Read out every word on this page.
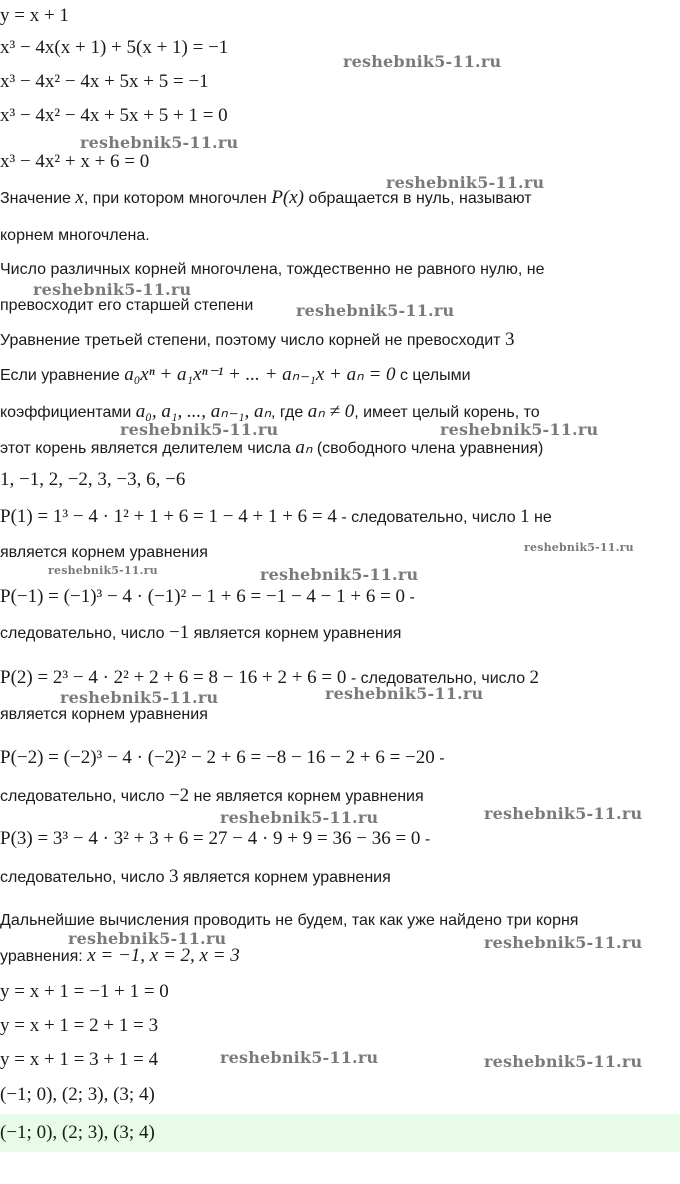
y = x + 1
x³ − 4x(x + 1) + 5(x + 1) = −1
x³ − 4x² − 4x + 5x + 5 = −1
x³ − 4x² − 4x + 5x + 5 + 1 = 0
x³ − 4x² + x + 6 = 0
Значение x, при котором многочлен P(x) обращается в нуль, называют
корнем многочлена.
Число различных корней многочлена, тождественно не равного нулю, не
превосходит его старшей степени
Уравнение третьей степени, поэтому число корней не превосходит 3
Если уравнение a₀xⁿ + a₁xⁿ⁻¹ + ... + aₙ₋₁x + aₙ = 0 с целыми
коэффициентами a₀, a₁, ..., aₙ₋₁, aₙ, где aₙ ≠ 0, имеет целый корень, то
этот корень является делителем числа aₙ (свободного члена уравнения)
1, −1, 2, −2, 3, −3, 6, −6
P(1) = 1³ − 4 · 1² + 1 + 6 = 1 − 4 + 1 + 6 = 4 - следовательно, число 1 не
является корнем уравнения
P(−1) = (−1)³ − 4 · (−1)² − 1 + 6 = −1 − 4 − 1 + 6 = 0 -
следовательно, число −1 является корнем уравнения
P(2) = 2³ − 4 · 2² + 2 + 6 = 8 − 16 + 2 + 6 = 0 - следовательно, число 2
является корнем уравнения
P(−2) = (−2)³ − 4 · (−2)² − 2 + 6 = −8 − 16 − 2 + 6 = −20 -
следовательно, число −2 не является корнем уравнения
P(3) = 3³ − 4 · 3² + 3 + 6 = 27 − 4 · 9 + 9 = 36 − 36 = 0 -
следовательно, число 3 является корнем уравнения
Дальнейшие вычисления проводить не будем, так как уже найдено три корня
уравнения: x = −1, x = 2, x = 3
y = x + 1 = −1 + 1 = 0
y = x + 1 = 2 + 1 = 3
y = x + 1 = 3 + 1 = 4
(−1; 0), (2; 3), (3; 4)
(−1; 0), (2; 3), (3; 4)
reshebnik5-11.ru
reshebnik5-11.ru
reshebnik5-11.ru
reshebnik5-11.ru
reshebnik5-11.ru
reshebnik5-11.ru	reshebnik5-11.ru
reshebnik5-11.ru
reshebnik5-11.ru	reshebnik5-11.ru
reshebnik5-11.ru	reshebnik5-11.ru
reshebnik5-11.ru	reshebnik5-11.ru
reshebnik5-11.ru	reshebnik5-11.ru
reshebnik5-11.ru	reshebnik5-11.ru
